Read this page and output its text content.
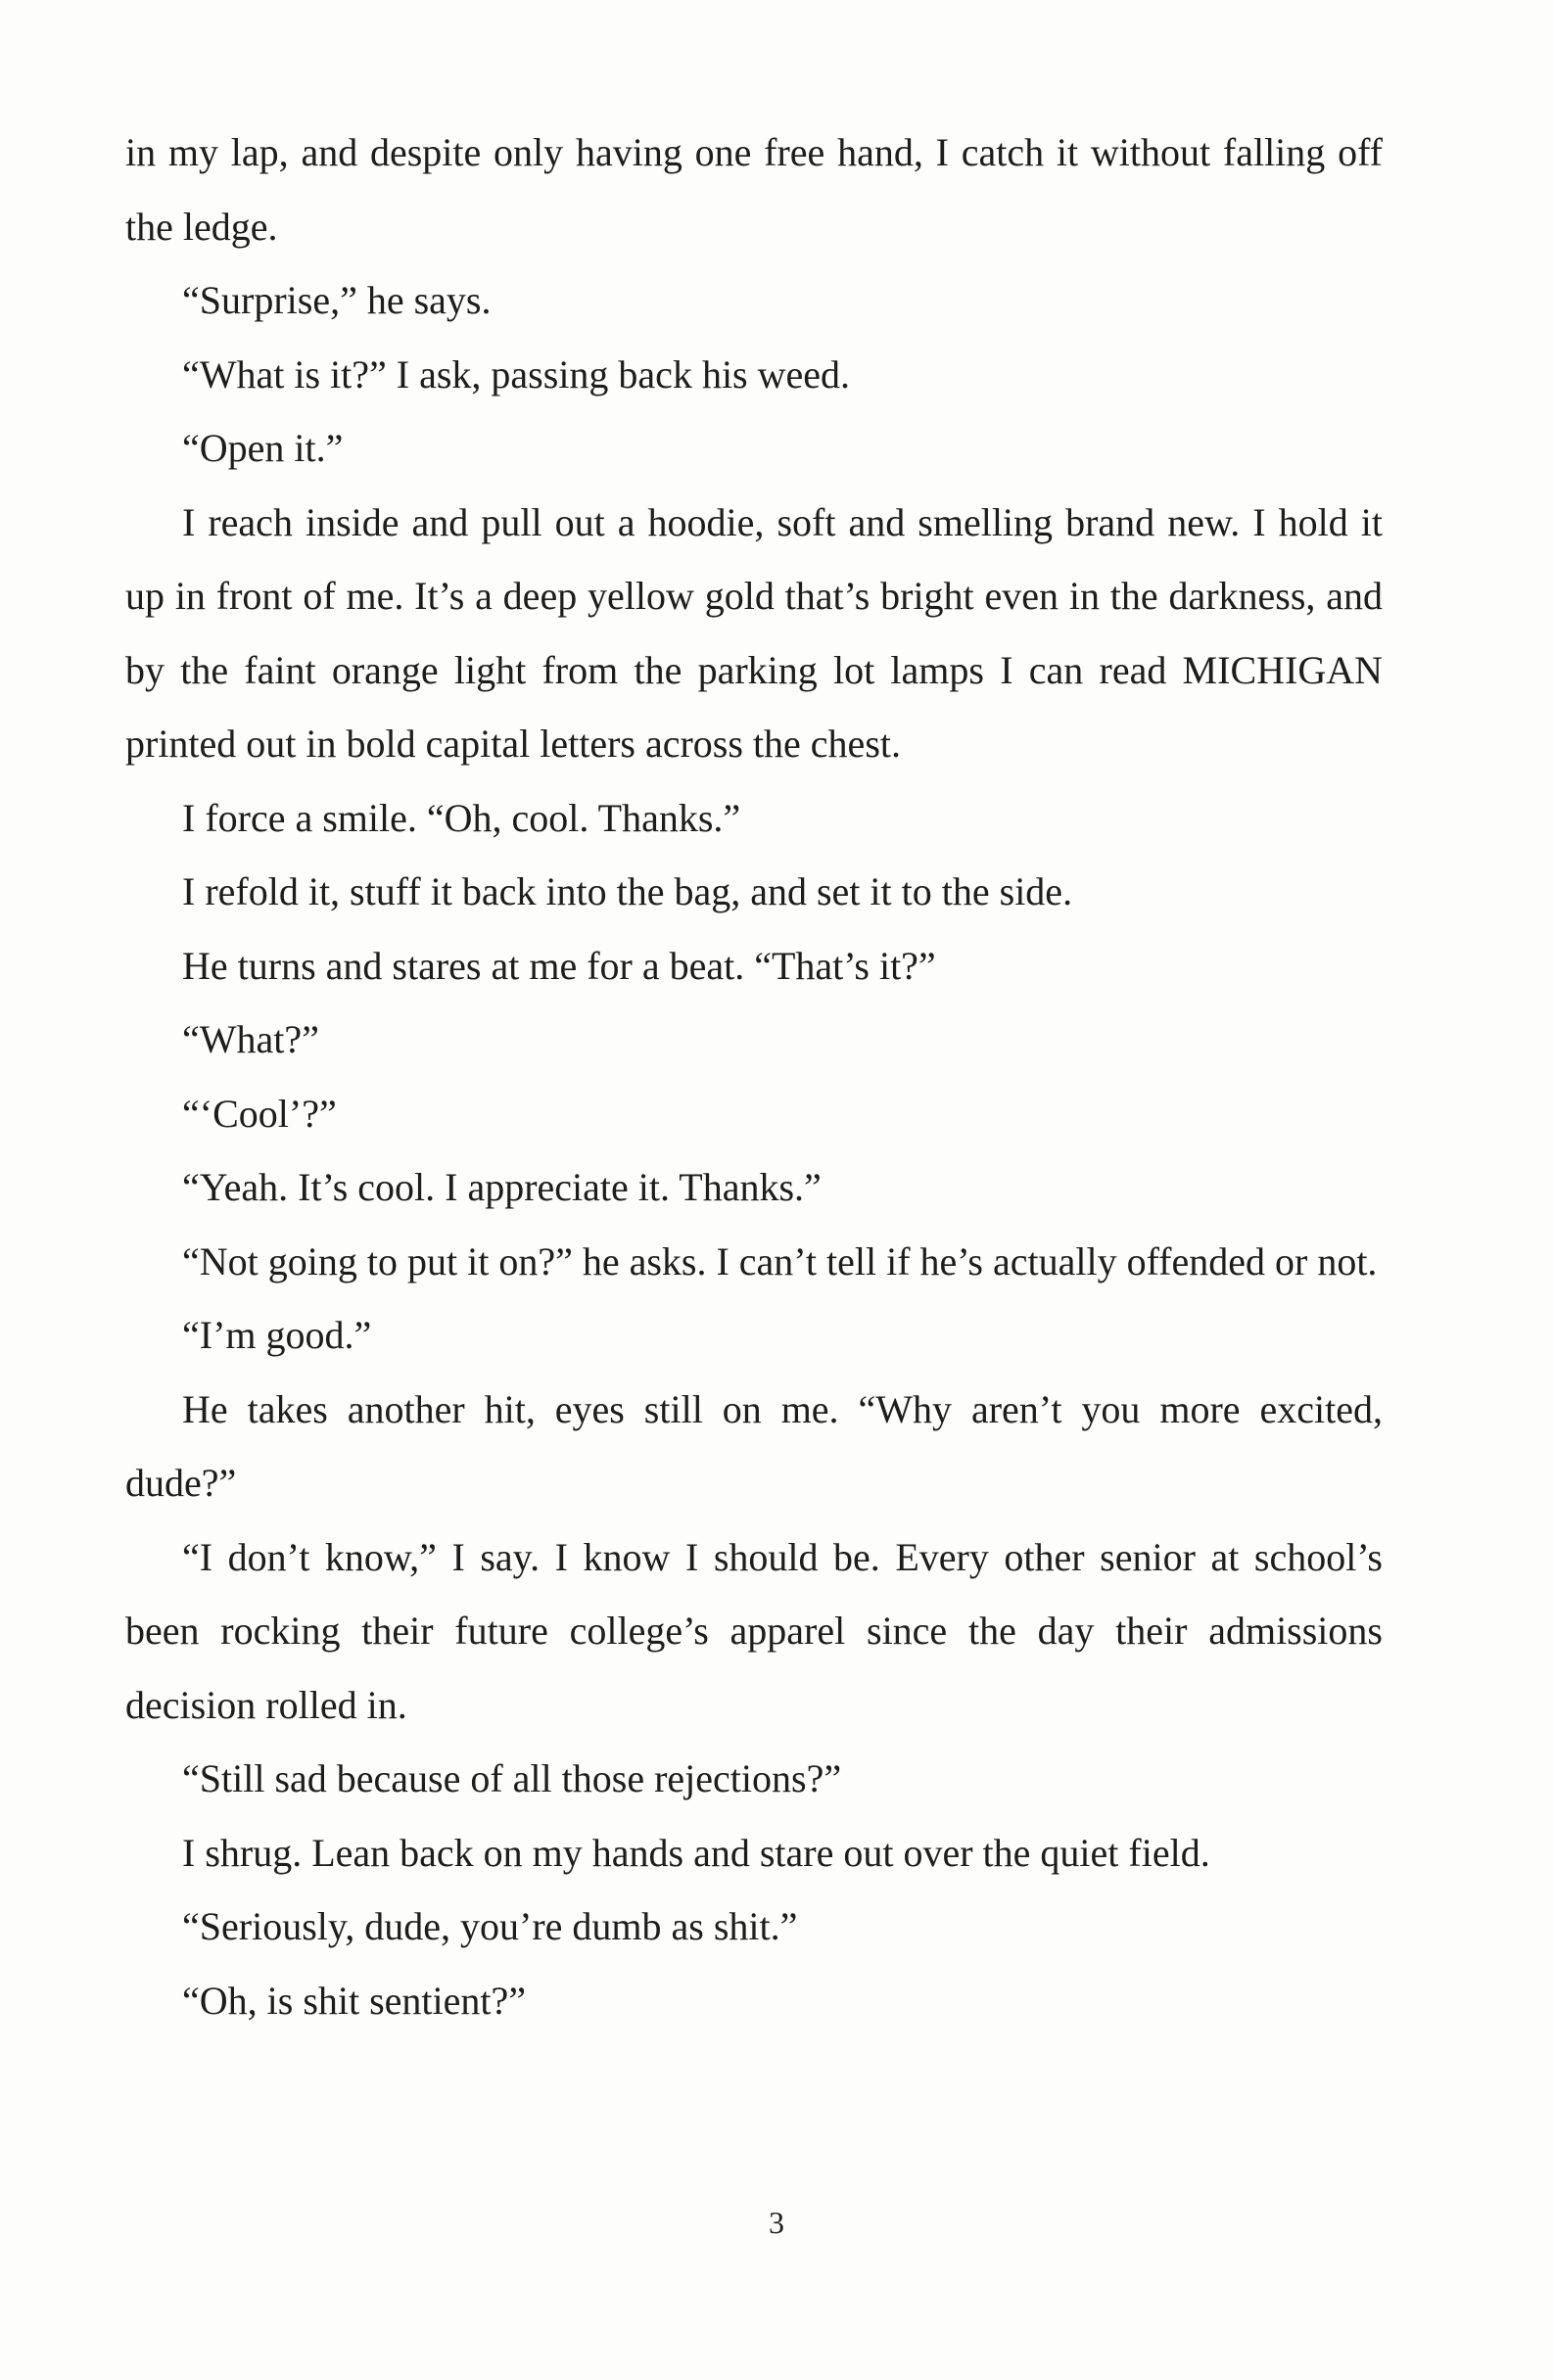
in my lap, and despite only having one free hand, I catch it without falling off the ledge.

“Surprise,” he says.

“What is it?” I ask, passing back his weed.

“Open it.”

I reach inside and pull out a hoodie, soft and smelling brand new. I hold it up in front of me. It’s a deep yellow gold that’s bright even in the darkness, and by the faint orange light from the parking lot lamps I can read MICHIGAN printed out in bold capital letters across the chest.

I force a smile. “Oh, cool. Thanks.”

I refold it, stuff it back into the bag, and set it to the side.

He turns and stares at me for a beat. “That’s it?”

“What?”

“‘Cool’?”

“Yeah. It’s cool. I appreciate it. Thanks.”

“Not going to put it on?” he asks. I can’t tell if he’s actually offended or not.

“I’m good.”

He takes another hit, eyes still on me. “Why aren’t you more excited, dude?”

“I don’t know,” I say. I know I should be. Every other senior at school’s been rocking their future college’s apparel since the day their admissions decision rolled in.

“Still sad because of all those rejections?”

I shrug. Lean back on my hands and stare out over the quiet field.

“Seriously, dude, you’re dumb as shit.”

“Oh, is shit sentient?”

3
